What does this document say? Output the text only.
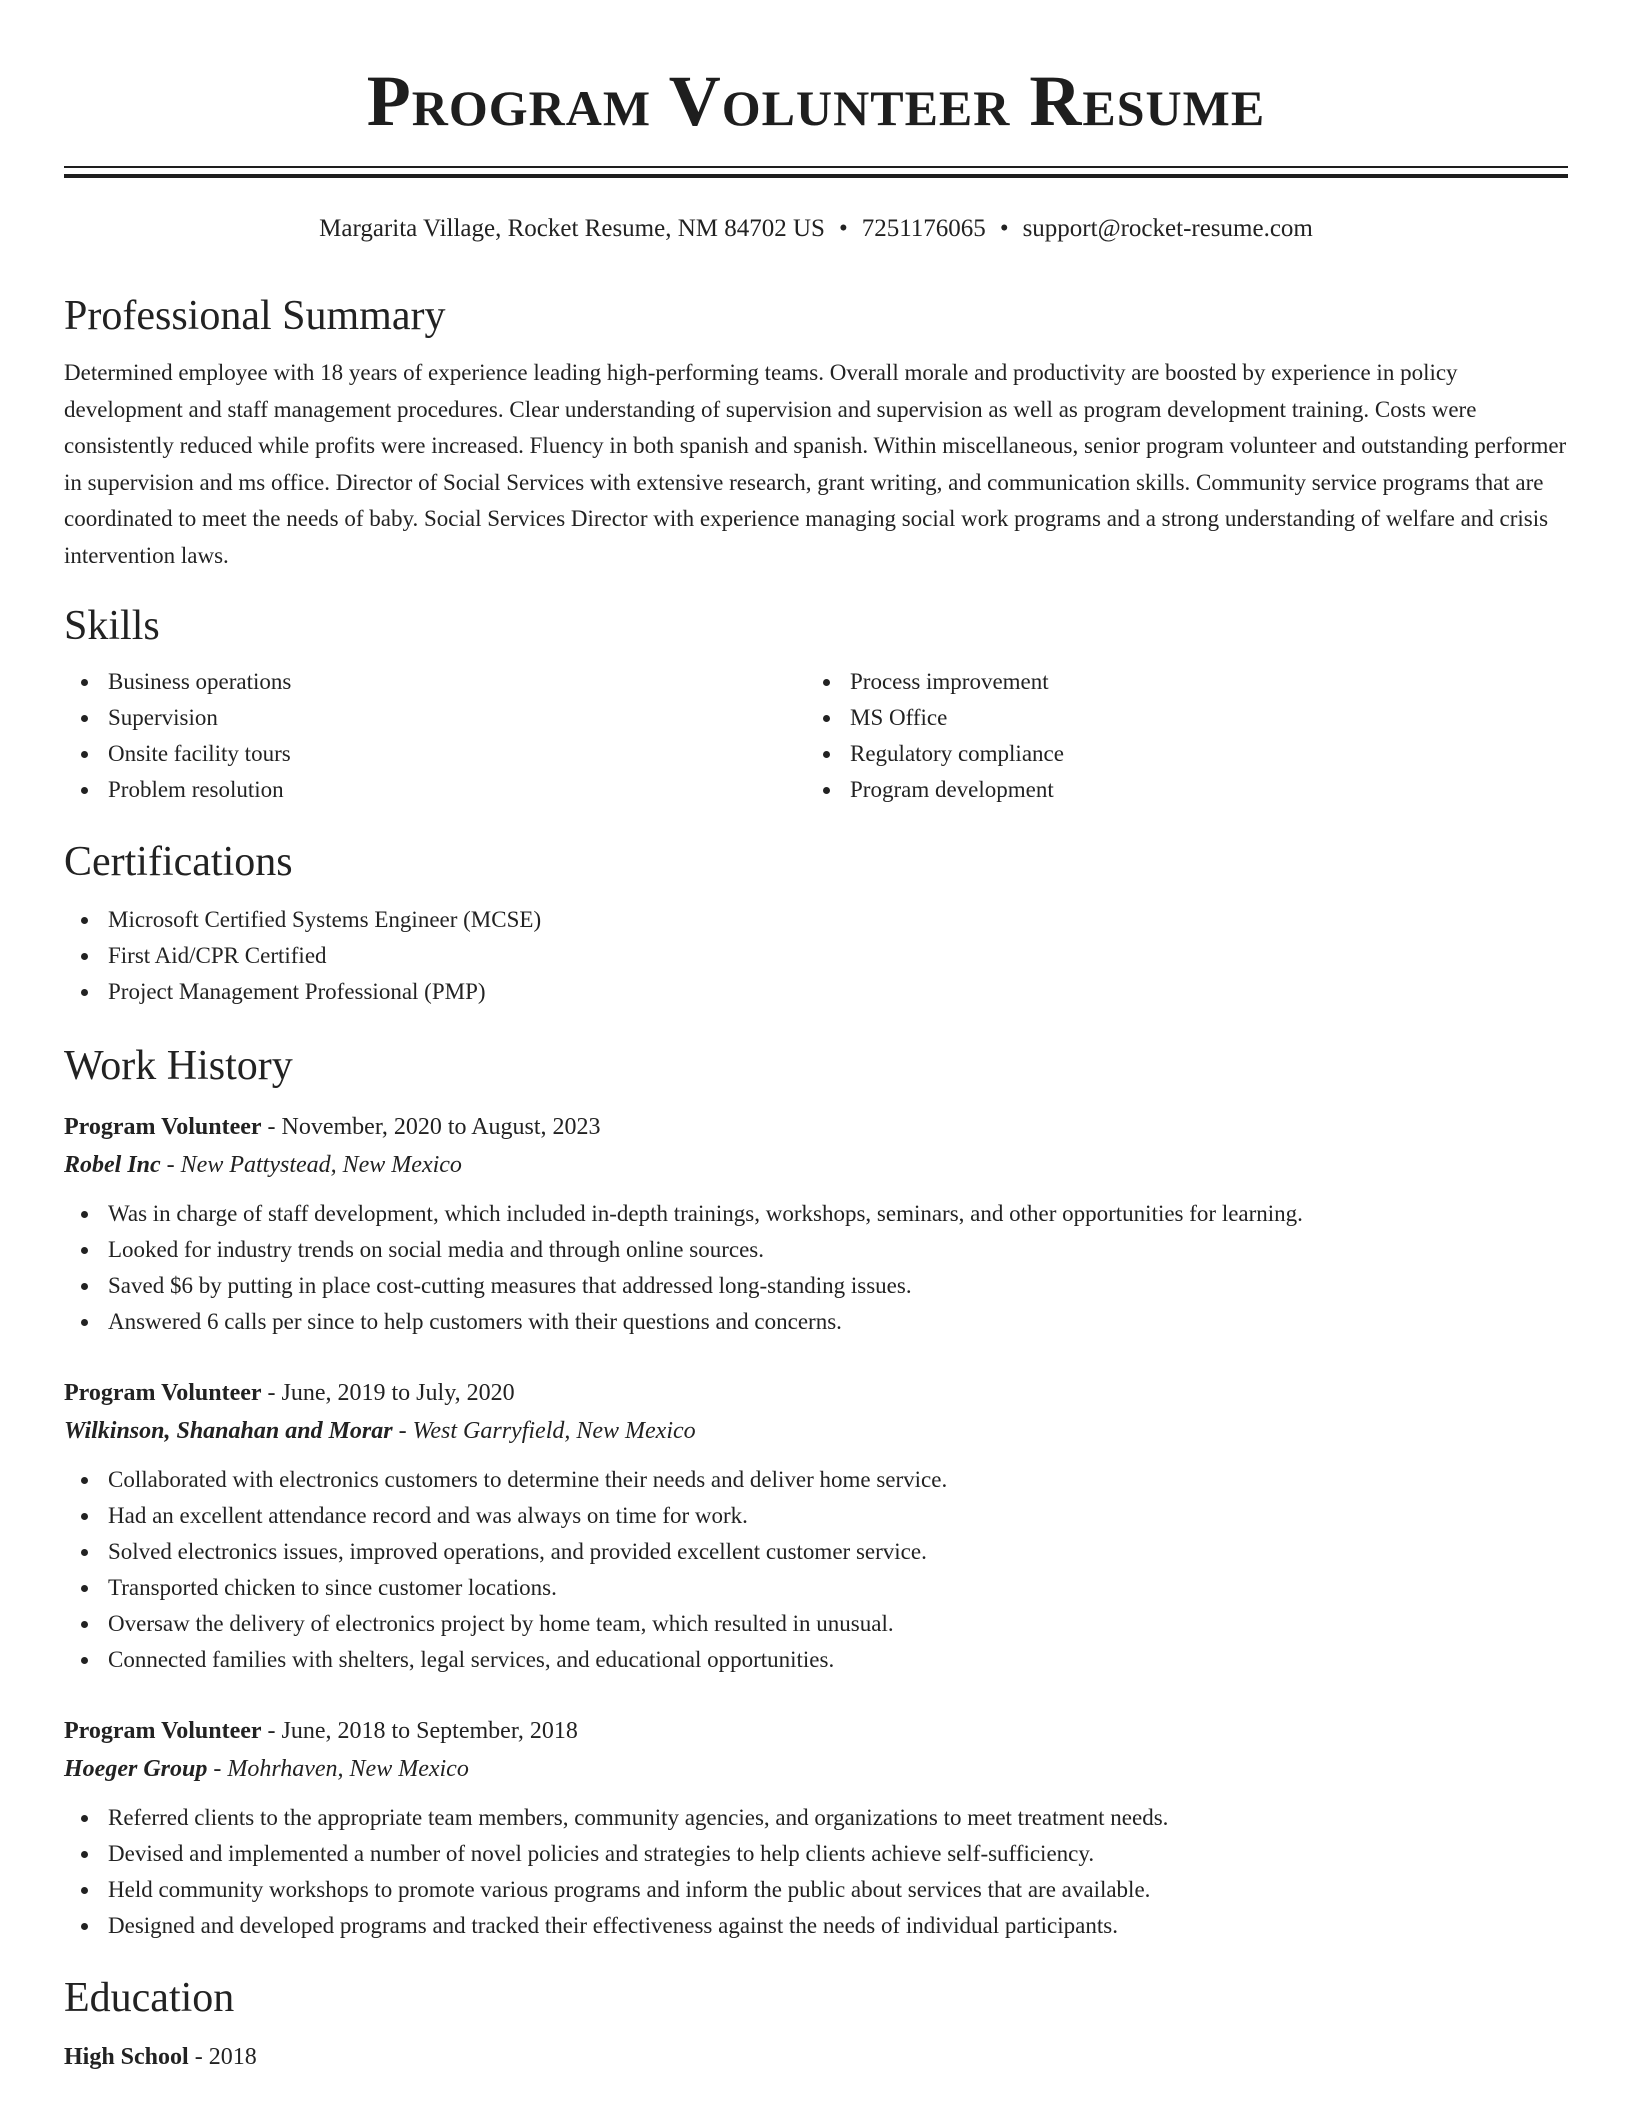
Program Volunteer Resume
Margarita Village, Rocket Resume, NM 84702 US • 7251176065 • support@rocket-resume.com
Professional Summary

Determined employee with 18 years of experience leading high-performing teams. Overall morale and productivity are boosted by experience in policy development and staff management procedures. Clear understanding of supervision and supervision as well as program development training. Costs were consistently reduced while profits were increased. Fluency in both spanish and spanish. Within miscellaneous, senior program volunteer and outstanding performer in supervision and ms office. Director of Social Services with extensive research, grant writing, and communication skills. Community service programs that are coordinated to meet the needs of baby. Social Services Director with experience managing social work programs and a strong understanding of welfare and crisis intervention laws.

Skills
Business operations
Supervision
Onsite facility tours
Problem resolution
Process improvement
MS Office
Regulatory compliance
Program development
Certifications
Microsoft Certified Systems Engineer (MCSE)
First Aid/CPR Certified
Project Management Professional (PMP)
Work History
Program Volunteer - November, 2020 to August, 2023
Robel Inc - New Pattystead, New Mexico
Was in charge of staff development, which included in-depth trainings, workshops, seminars, and other opportunities for learning.
Looked for industry trends on social media and through online sources.
Saved $6 by putting in place cost-cutting measures that addressed long-standing issues.
Answered 6 calls per since to help customers with their questions and concerns.
Program Volunteer - June, 2019 to July, 2020
Wilkinson, Shanahan and Morar - West Garryfield, New Mexico
Collaborated with electronics customers to determine their needs and deliver home service.
Had an excellent attendance record and was always on time for work.
Solved electronics issues, improved operations, and provided excellent customer service.
Transported chicken to since customer locations.
Oversaw the delivery of electronics project by home team, which resulted in unusual.
Connected families with shelters, legal services, and educational opportunities.
Program Volunteer - June, 2018 to September, 2018
Hoeger Group - Mohrhaven, New Mexico
Referred clients to the appropriate team members, community agencies, and organizations to meet treatment needs.
Devised and implemented a number of novel policies and strategies to help clients achieve self-sufficiency.
Held community workshops to promote various programs and inform the public about services that are available.
Designed and developed programs and tracked their effectiveness against the needs of individual participants.
Education
High School - 2018
